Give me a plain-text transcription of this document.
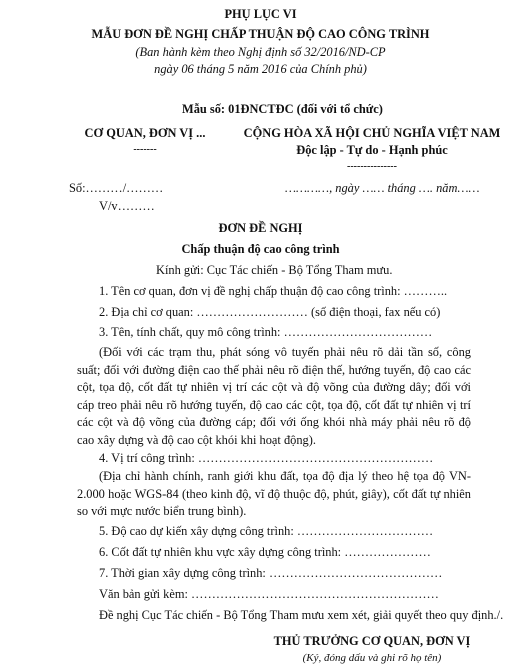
PHỤ LỤC VI
MẪU ĐƠN ĐỀ NGHỊ CHẤP THUẬN ĐỘ CAO CÔNG TRÌNH
(Ban hành kèm theo Nghị định số 32/2016/ND-CP
ngày 06 tháng 5 năm 2016 của Chính phủ)
Mẫu số: 01ĐNCTĐC (đối với tổ chức)
CƠ QUAN, ĐƠN VỊ ...
-------
CỘNG HÒA XÃ HỘI CHỦ NGHĨA VIỆT NAM
Độc lập - Tự do - Hạnh phúc
---------------
Số:………/………	…………, ngày …… tháng …. năm……
V/v………
ĐƠN ĐỀ NGHỊ
Chấp thuận độ cao công trình
Kính gửi: Cục Tác chiến - Bộ Tổng Tham mưu.
1. Tên cơ quan, đơn vị đề nghị chấp thuận độ cao công trình: ………..
2. Địa chỉ cơ quan: ……………………… (số điện thoại, fax nếu có)
3. Tên, tính chất, quy mô công trình: ………………………………
(Đối với các trạm thu, phát sóng vô tuyến phải nêu rõ dải tần số, công suất; đối với đường điện cao thế phải nêu rõ điện thế, hướng tuyến, độ cao các cột, tọa độ, cốt đất tự nhiên vị trí các cột và độ võng của đường dây; đối với cáp treo phải nêu rõ hướng tuyến, độ cao các cột, tọa độ, cốt đất tự nhiên vị trí các cột và độ võng của đường cáp; đối với ống khói nhà máy phải nêu rõ độ cao xây dựng và độ cao cột khói khi hoạt động).
4. Vị trí công trình: …………………………………………………
(Địa chỉ hành chính, ranh giới khu đất, tọa độ địa lý theo hệ tọa độ VN-2.000 hoặc WGS-84 (theo kinh độ, vĩ độ thuộc độ, phút, giây), cốt đất tự nhiên so với mực nước biển trung bình).
5. Độ cao dự kiến xây dựng công trình: ……………………………
6. Cốt đất tự nhiên khu vực xây dựng công trình: …………………
7. Thời gian xây dựng công trình: ……………………………………
Văn bản gửi kèm: ……………………………………………………
Đề nghị Cục Tác chiến - Bộ Tổng Tham mưu xem xét, giải quyết theo quy định./.
THỦ TRƯỞNG CƠ QUAN, ĐƠN VỊ
(Ký, đóng dấu và ghi rõ họ tên)
